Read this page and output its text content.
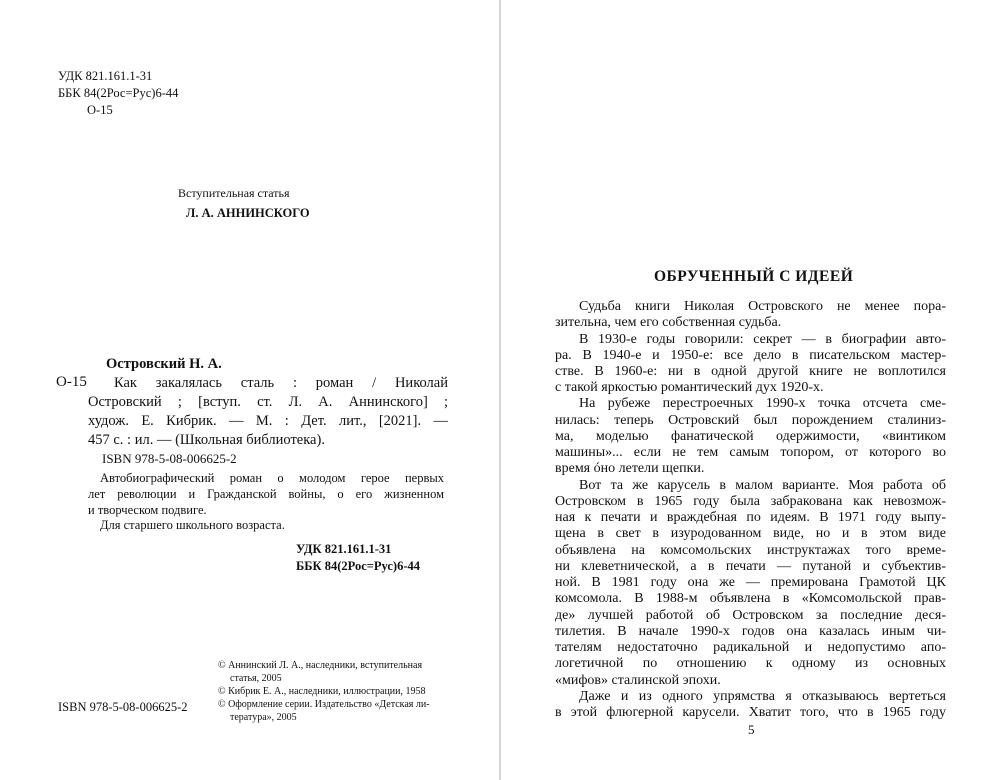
УДК 821.161.1-31
ББК 84(2Рос=Рус)6-44
О-15
Вступительная статья
Л. А. АННИНСКОГО
Островский Н. А.
О-15 Как закалялась сталь : роман / Николай
Островский ; [вступ. ст. Л. А. Аннинского] ;
худож. Е. Кибрик. — М. : Дет. лит., [2021]. —
457 с. : ил. — (Школьная библиотека).
ISBN 978-5-08-006625-2
Автобиографический роман о молодом герое первых
лет революции и Гражданской войны, о его жизненном
и творческом подвиге.
Для старшего школьного возраста.
УДК 821.161.1-31
ББК 84(2Рос=Рус)6-44
© Аннинский Л. А., наследники, вступительная
статья, 2005
© Кибрик Е. А., наследники, иллюстрации, 1958
© Оформление серии. Издательство «Детская ли-
тература», 2005
ISBN 978-5-08-006625-2
ОБРУЧЕННЫЙ С ИДЕЕЙ
Судьба книги Николая Островского не менее пора-
зительна, чем его собственная судьба.
В 1930-е годы говорили: секрет — в биографии авто-
ра. В 1940-е и 1950-е: все дело в писательском мастер-
стве. В 1960-е: ни в одной другой книге не воплотился
с такой яркостью романтический дух 1920-х.
На рубеже перестроечных 1990-х точка отсчета сме-
нилась: теперь Островский был порождением сталиниз-
ма, моделью фанатической одержимости, «винтиком
машины»... если не тем самым топором, от которого во
время óно летели щепки.
Вот та же карусель в малом варианте. Моя работа об
Островском в 1965 году была забракована как невозмож-
ная к печати и враждебная по идеям. В 1971 году выпу-
щена в свет в изуродованном виде, но и в этом виде
объявлена на комсомольских инструктажах того време-
ни клеветнической, а в печати — путаной и субъектив-
ной. В 1981 году она же — премирована Грамотой ЦК
комсомола. В 1988-м объявлена в «Комсомольской прав-
де» лучшей работой об Островском за последние деся-
тилетия. В начале 1990-х годов она казалась иным чи-
тателям недостаточно радикальной и недопустимо апо-
логетичной по отношению к одному из основных
«мифов» сталинской эпохи.
Даже и из одного упрямства я отказываюсь вертеться
в этой флюгерной карусели. Хватит того, что в 1965 году
5
